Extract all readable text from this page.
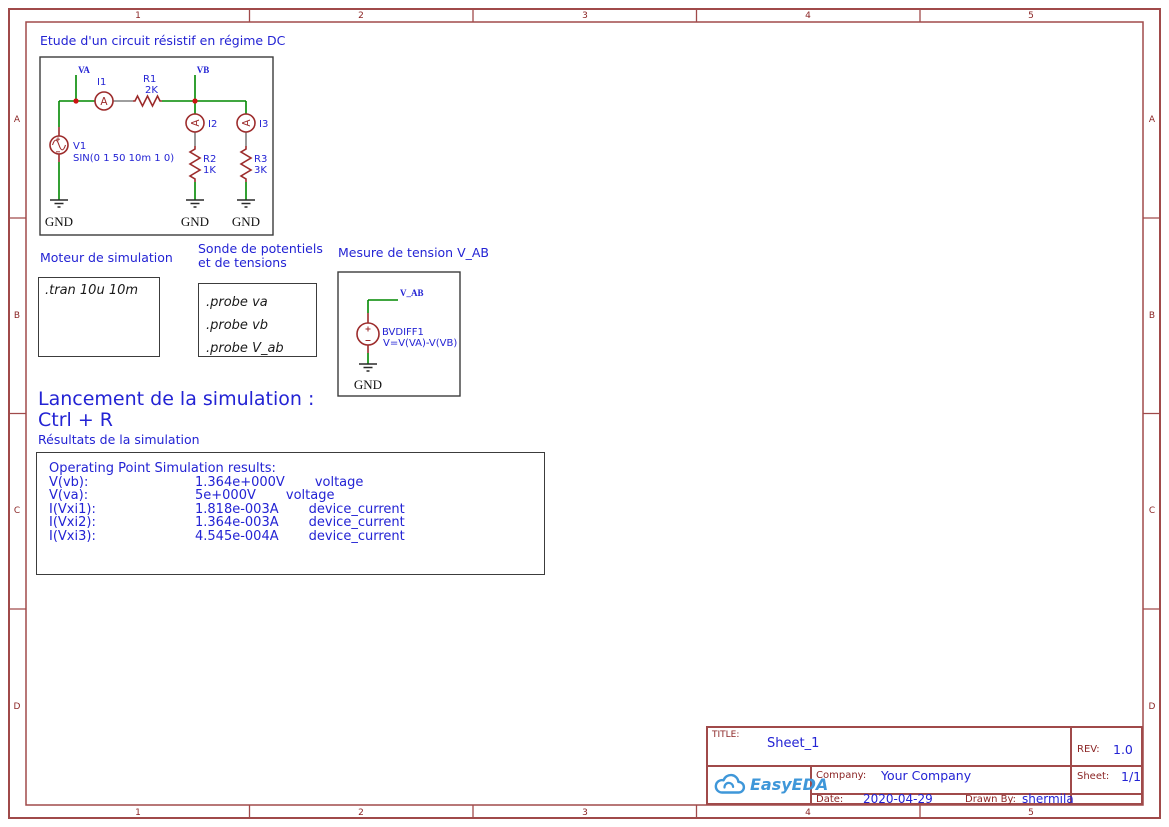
1	2	3	4	5
1	2	3	4	5
A
B
C
D
A
B
C
D
Etude d'un circuit résistif en régime DC
A
A	A
GND	GND GND
VA	VB
I1	R1
2K
V1
SIN(0 1 50 10m 1 0)
I2	I3
R2
1K
R3
3K
Moteur de simulation
.tran 10u 10m
Sonde de potentiels
et de tensions
.probe va
.probe vb
.probe V_ab
Mesure de tension V_AB
GND
V_AB
BVDIFF1
V=V(VA)-V(VB)
Lancement de la simulation :
Ctrl + R
Résultats de la simulation
Operating Point Simulation results:
V(vb):	1.364e+000V voltage
V(va):	5e+000V voltage
I(Vxi1):	1.818e-003A device_current
I(Vxi2):	1.364e-003A device_current
I(Vxi3):	4.545e-004A device_current
TITLE:
Sheet_1	REV: 1.0
EasyEDA
Company: Your Company	Sheet: 1/1
Date: 2020-04-29	Drawn By: shermila
